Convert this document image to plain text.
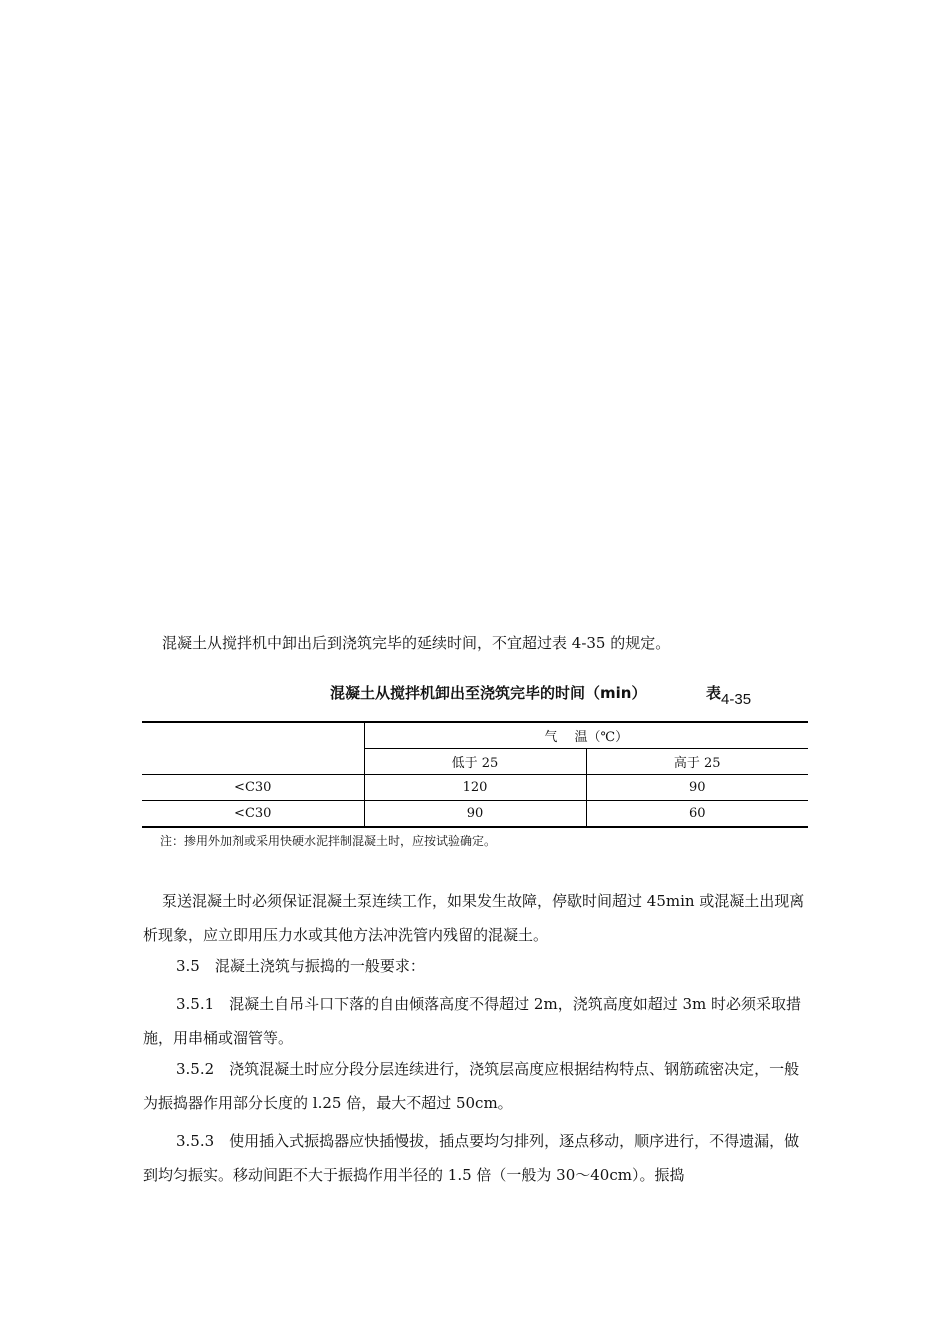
混凝土从搅拌机中卸出后到浇筑完毕的延续时间，不宜超过表 4-35 的规定。
混凝土从搅拌机卸出至浇筑完毕的时间（min）	表4-35
	气　 温（℃）	
	低于 25	高于 25
<C30	120	90
<C30	90	60
注：掺用外加剂或采用快硬水泥拌制混凝土时，应按试验确定。

泵送混凝土时必须保证混凝土泵连续工作，如果发生故障，停歇时间超过 45min 或混凝土出现离析现象，应立即用压力水或其他方法冲洗管内残留的混凝土。

3.5　混凝土浇筑与振捣的一般要求：

3.5.1　混凝土自吊斗口下落的自由倾落高度不得超过 2m，浇筑高度如超过 3m 时必须采取措施，用串桶或溜管等。

3.5.2　浇筑混凝土时应分段分层连续进行，浇筑层高度应根据结构特点、钢筋疏密决定，一般为振捣器作用部分长度的 l.25 倍，最大不超过 50cm。

3.5.3　使用插入式振捣器应快插慢拔，插点要均匀排列，逐点移动，顺序进行，不得遗漏，做到均匀振实。移动间距不大于振捣作用半径的 1.5 倍（一般为 30～40cm）。振捣
